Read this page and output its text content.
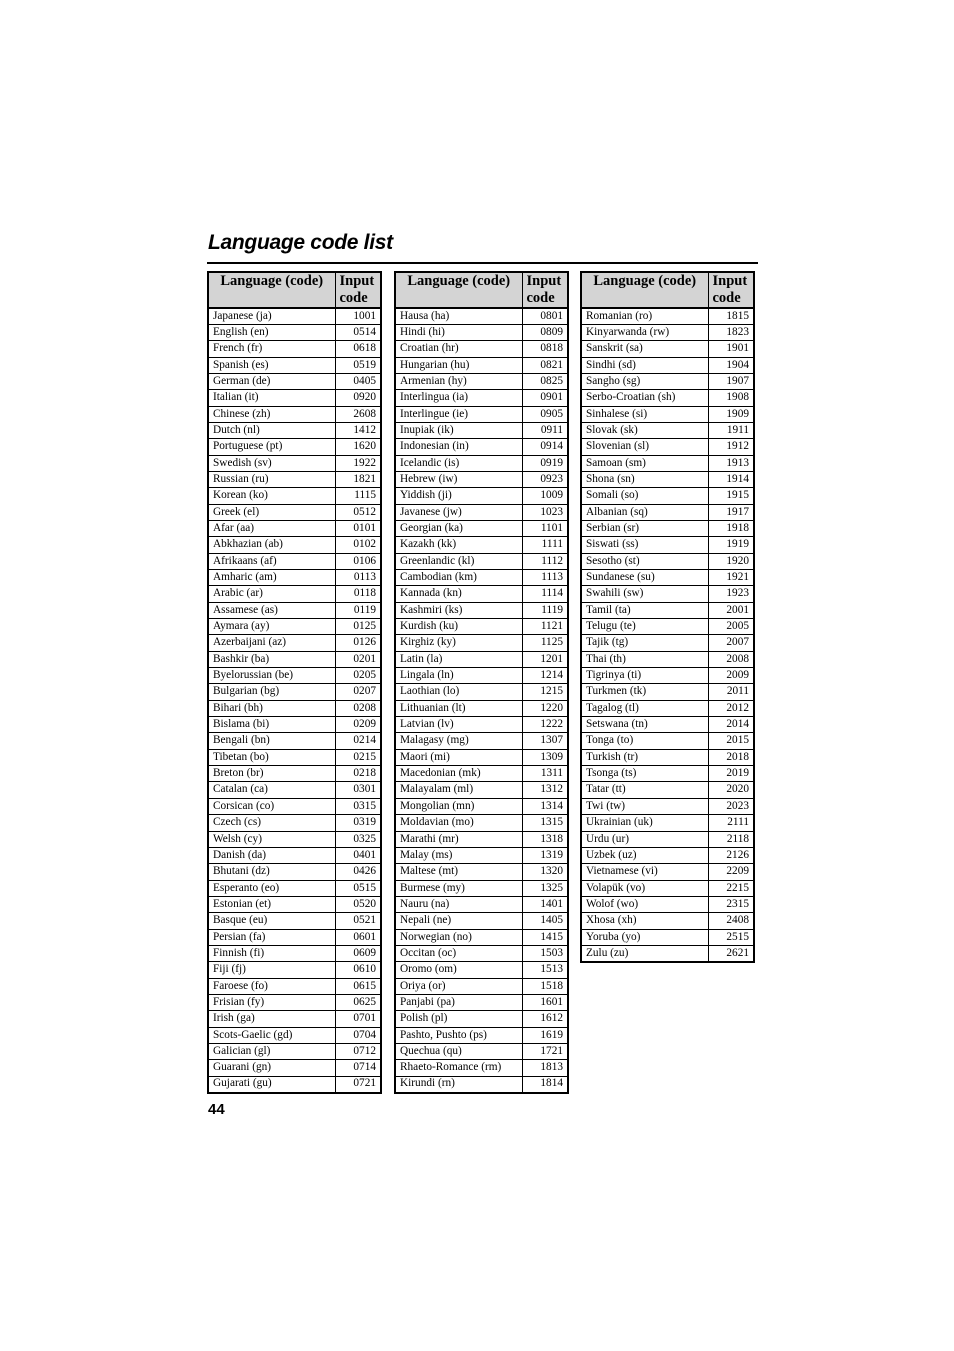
Language code list
Language (code)	Input code
Japanese (ja)	1001
English (en)	0514
French (fr)	0618
Spanish (es)	0519
German (de)	0405
Italian (it)	0920
Chinese (zh)	2608
Dutch (nl)	1412
Portuguese (pt)	1620
Swedish (sv)	1922
Russian (ru)	1821
Korean (ko)	1115
Greek (el)	0512
Afar (aa)	0101
Abkhazian (ab)	0102
Afrikaans (af)	0106
Amharic (am)	0113
Arabic (ar)	0118
Assamese (as)	0119
Aymara (ay)	0125
Azerbaijani (az)	0126
Bashkir (ba)	0201
Byelorussian (be)	0205
Bulgarian (bg)	0207
Bihari (bh)	0208
Bislama (bi)	0209
Bengali (bn)	0214
Tibetan (bo)	0215
Breton (br)	0218
Catalan (ca)	0301
Corsican (co)	0315
Czech (cs)	0319
Welsh (cy)	0325
Danish (da)	0401
Bhutani (dz)	0426
Esperanto (eo)	0515
Estonian (et)	0520
Basque (eu)	0521
Persian (fa)	0601
Finnish (fi)	0609
Fiji (fj)	0610
Faroese (fo)	0615
Frisian (fy)	0625
Irish (ga)	0701
Scots-Gaelic (gd)	0704
Galician (gl)	0712
Guarani (gn)	0714
Gujarati (gu)	0721
Language (code)	Input code
Hausa (ha)	0801
Hindi (hi)	0809
Croatian (hr)	0818
Hungarian (hu)	0821
Armenian (hy)	0825
Interlingua (ia)	0901
Interlingue (ie)	0905
Inupiak (ik)	0911
Indonesian (in)	0914
Icelandic (is)	0919
Hebrew (iw)	0923
Yiddish (ji)	1009
Javanese (jw)	1023
Georgian (ka)	1101
Kazakh (kk)	1111
Greenlandic (kl)	1112
Cambodian (km)	1113
Kannada (kn)	1114
Kashmiri (ks)	1119
Kurdish (ku)	1121
Kirghiz (ky)	1125
Latin (la)	1201
Lingala (ln)	1214
Laothian (lo)	1215
Lithuanian (lt)	1220
Latvian (lv)	1222
Malagasy (mg)	1307
Maori (mi)	1309
Macedonian (mk)	1311
Malayalam (ml)	1312
Mongolian (mn)	1314
Moldavian (mo)	1315
Marathi (mr)	1318
Malay (ms)	1319
Maltese (mt)	1320
Burmese (my)	1325
Nauru (na)	1401
Nepali (ne)	1405
Norwegian (no)	1415
Occitan (oc)	1503
Oromo (om)	1513
Oriya (or)	1518
Panjabi (pa)	1601
Polish (pl)	1612
Pashto, Pushto (ps)	1619
Quechua (qu)	1721
Rhaeto-Romance (rm)	1813
Kirundi (rn)	1814
Language (code)	Input code
Romanian (ro)	1815
Kinyarwanda (rw)	1823
Sanskrit (sa)	1901
Sindhi (sd)	1904
Sangho (sg)	1907
Serbo-Croatian (sh)	1908
Sinhalese (si)	1909
Slovak (sk)	1911
Slovenian (sl)	1912
Samoan (sm)	1913
Shona (sn)	1914
Somali (so)	1915
Albanian (sq)	1917
Serbian (sr)	1918
Siswati (ss)	1919
Sesotho (st)	1920
Sundanese (su)	1921
Swahili (sw)	1923
Tamil (ta)	2001
Telugu (te)	2005
Tajik (tg)	2007
Thai (th)	2008
Tigrinya (ti)	2009
Turkmen (tk)	2011
Tagalog (tl)	2012
Setswana (tn)	2014
Tonga (to)	2015
Turkish (tr)	2018
Tsonga (ts)	2019
Tatar (tt)	2020
Twi (tw)	2023
Ukrainian (uk)	2111
Urdu (ur)	2118
Uzbek (uz)	2126
Vietnamese (vi)	2209
Volapük (vo)	2215
Wolof (wo)	2315
Xhosa (xh)	2408
Yoruba (yo)	2515
Zulu (zu)	2621
44
